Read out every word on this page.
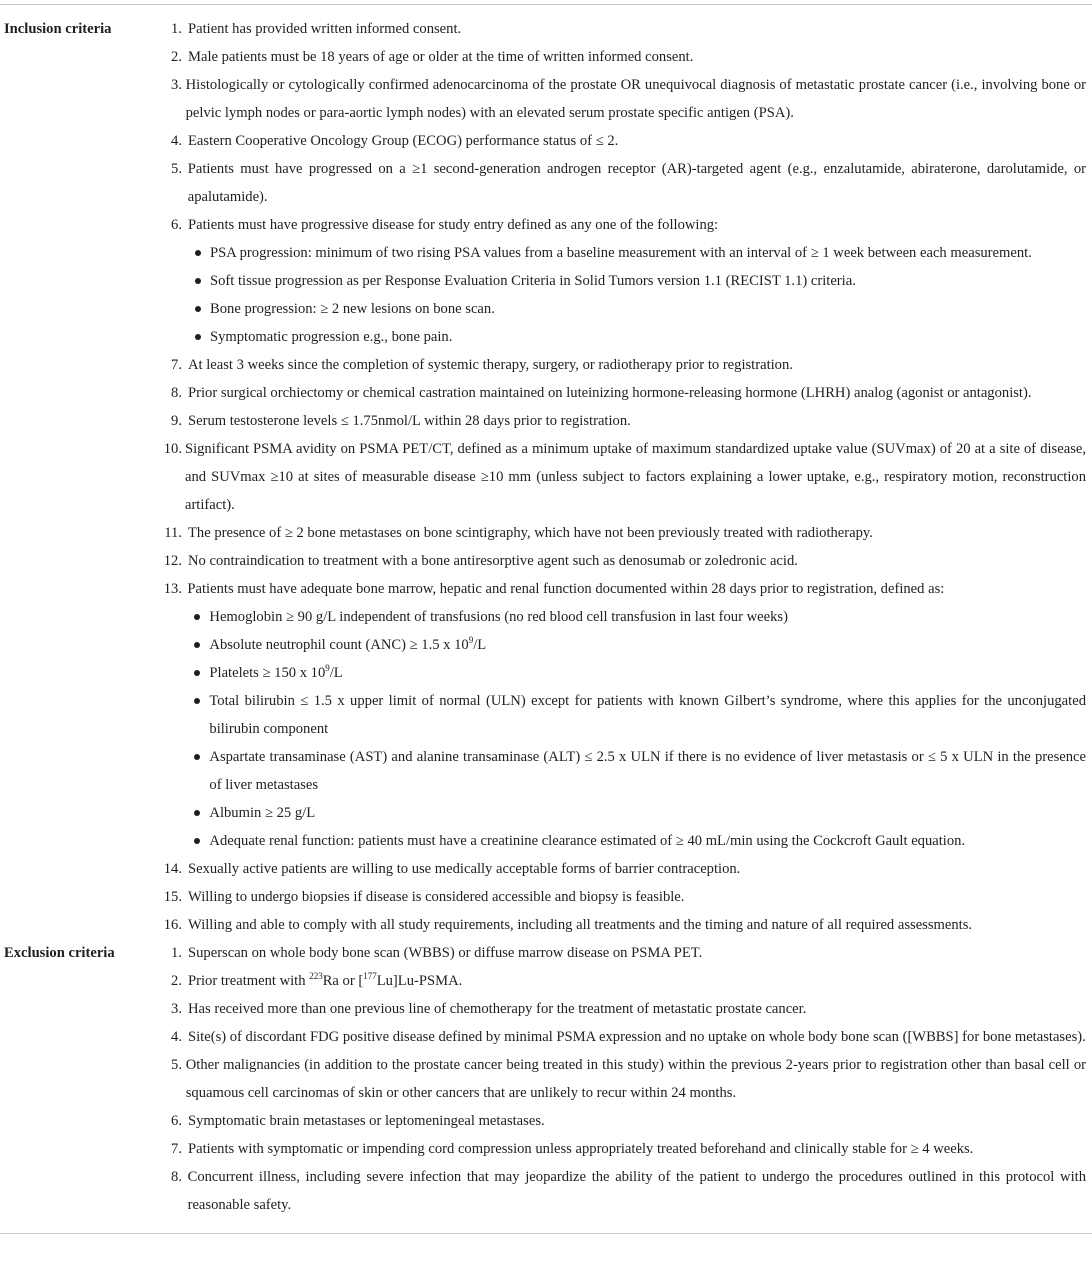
Inclusion criteria	1. Patient has provided written informed consent.
2. Male patients must be 18 years of age or older at the time of written informed consent.
3. Histologically or cytologically confirmed adenocarcinoma of the prostate OR unequivocal diagnosis of metastatic prostate cancer (i.e., involving bone or pelvic lymph nodes or para-aortic lymph nodes) with an elevated serum prostate specific antigen (PSA).
4. Eastern Cooperative Oncology Group (ECOG) performance status of ≤ 2.
5. Patients must have progressed on a ≥1 second-generation androgen receptor (AR)-targeted agent (e.g., enzalutamide, abiraterone, darolutamide, or apalutamide).
6. Patients must have progressive disease for study entry defined as any one of the following:
PSA progression: minimum of two rising PSA values from a baseline measurement with an interval of ≥ 1 week between each measurement.
Soft tissue progression as per Response Evaluation Criteria in Solid Tumors version 1.1 (RECIST 1.1) criteria.
Bone progression: ≥ 2 new lesions on bone scan.
Symptomatic progression e.g., bone pain.
7. At least 3 weeks since the completion of systemic therapy, surgery, or radiotherapy prior to registration.
8. Prior surgical orchiectomy or chemical castration maintained on luteinizing hormone-releasing hormone (LHRH) analog (agonist or antagonist).
9. Serum testosterone levels ≤ 1.75nmol/L within 28 days prior to registration.
10. Significant PSMA avidity on PSMA PET/CT, defined as a minimum uptake of maximum standardized uptake value (SUVmax) of 20 at a site of disease, and SUVmax ≥10 at sites of measurable disease ≥10 mm (unless subject to factors explaining a lower uptake, e.g., respiratory motion, reconstruction artifact).
11. The presence of ≥ 2 bone metastases on bone scintigraphy, which have not been previously treated with radiotherapy.
12. No contraindication to treatment with a bone antiresorptive agent such as denosumab or zoledronic acid.
13. Patients must have adequate bone marrow, hepatic and renal function documented within 28 days prior to registration, defined as:
Hemoglobin ≥ 90 g/L independent of transfusions (no red blood cell transfusion in last four weeks)
Absolute neutrophil count (ANC) ≥ 1.5 x $10^9/L$
Platelets ≥ 150 x $10^9/L$
Total bilirubin ≤ 1.5 x upper limit of normal (ULN) except for patients with known Gilbert’s syndrome, where this applies for the unconjugated bilirubin component
Aspartate transaminase (AST) and alanine transaminase (ALT) ≤ 2.5 x ULN if there is no evidence of liver metastasis or ≤ 5 x ULN in the presence of liver metastases
Albumin ≥ 25 g/L
Adequate renal function: patients must have a creatinine clearance estimated of ≥ 40 mL/min using the Cockcroft Gault equation.
14. Sexually active patients are willing to use medically acceptable forms of barrier contraception.
15. Willing to undergo biopsies if disease is considered accessible and biopsy is feasible.
16. Willing and able to comply with all study requirements, including all treatments and the timing and nature of all required assessments.
Exclusion criteria	1. Superscan on whole body bone scan (WBBS) or diffuse marrow disease on PSMA PET.
2. Prior treatment with $^{223}$Ra or [$^{177}$Lu]Lu-PSMA.
3. Has received more than one previous line of chemotherapy for the treatment of metastatic prostate cancer.
4. Site(s) of discordant FDG positive disease defined by minimal PSMA expression and no uptake on whole body bone scan ([WBBS] for bone metastases).
5. Other malignancies (in addition to the prostate cancer being treated in this study) within the previous 2-years prior to registration other than basal cell or squamous cell carcinomas of skin or other cancers that are unlikely to recur within 24 months.
6. Symptomatic brain metastases or leptomeningeal metastases.
7. Patients with symptomatic or impending cord compression unless appropriately treated beforehand and clinically stable for ≥ 4 weeks.
8. Concurrent illness, including severe infection that may jeopardize the ability of the patient to undergo the procedures outlined in this protocol with reasonable safety.
